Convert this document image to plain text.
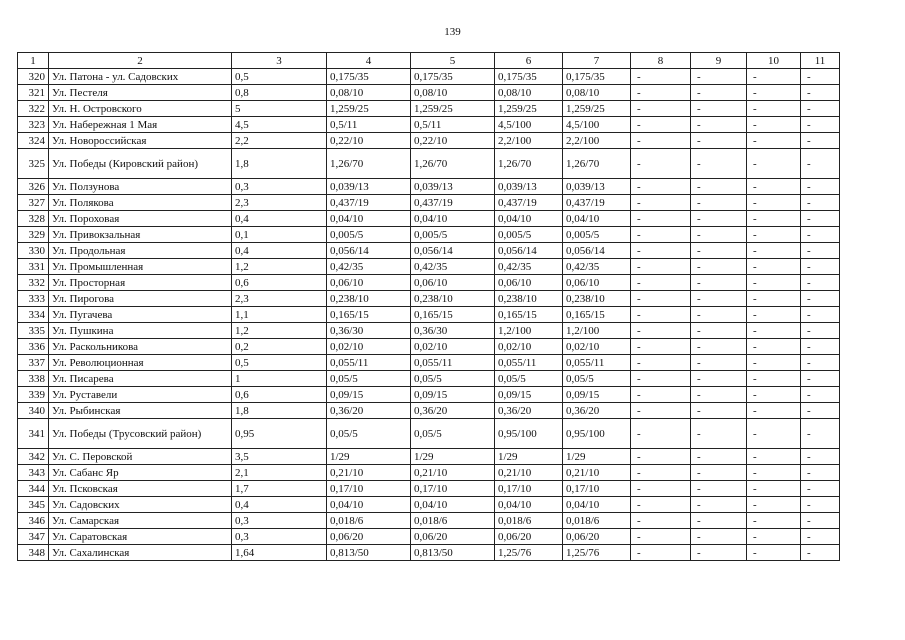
139
1	2	3	4	5	6	7	8	9	10	11
320	Ул. Патона - ул. Садовских	0,5	0,175/35	0,175/35	0,175/35	0,175/35	-	-	-	-
321	Ул. Пестеля	0,8	0,08/10	0,08/10	0,08/10	0,08/10	-	-	-	-
322	Ул. Н. Островского	5	1,259/25	1,259/25	1,259/25	1,259/25	-	-	-	-
323	Ул. Набережная 1 Мая	4,5	0,5/11	0,5/11	4,5/100	4,5/100	-	-	-	-
324	Ул. Новороссийская	2,2	0,22/10	0,22/10	2,2/100	2,2/100	-	-	-	-
325	Ул. Победы (Кировский район)	1,8	1,26/70	1,26/70	1,26/70	1,26/70	-	-	-	-
326	Ул. Ползунова	0,3	0,039/13	0,039/13	0,039/13	0,039/13	-	-	-	-
327	Ул. Полякова	2,3	0,437/19	0,437/19	0,437/19	0,437/19	-	-	-	-
328	Ул. Пороховая	0,4	0,04/10	0,04/10	0,04/10	0,04/10	-	-	-	-
329	Ул. Привокзальная	0,1	0,005/5	0,005/5	0,005/5	0,005/5	-	-	-	-
330	Ул. Продольная	0,4	0,056/14	0,056/14	0,056/14	0,056/14	-	-	-	-
331	Ул. Промышленная	1,2	0,42/35	0,42/35	0,42/35	0,42/35	-	-	-	-
332	Ул. Просторная	0,6	0,06/10	0,06/10	0,06/10	0,06/10	-	-	-	-
333	Ул. Пирогова	2,3	0,238/10	0,238/10	0,238/10	0,238/10	-	-	-	-
334	Ул. Пугачева	1,1	0,165/15	0,165/15	0,165/15	0,165/15	-	-	-	-
335	Ул. Пушкина	1,2	0,36/30	0,36/30	1,2/100	1,2/100	-	-	-	-
336	Ул. Раскольникова	0,2	0,02/10	0,02/10	0,02/10	0,02/10	-	-	-	-
337	Ул. Революционная	0,5	0,055/11	0,055/11	0,055/11	0,055/11	-	-	-	-
338	Ул. Писарева	1	0,05/5	0,05/5	0,05/5	0,05/5	-	-	-	-
339	Ул. Руставели	0,6	0,09/15	0,09/15	0,09/15	0,09/15	-	-	-	-
340	Ул. Рыбинская	1,8	0,36/20	0,36/20	0,36/20	0,36/20	-	-	-	-
341	Ул. Победы (Трусовский район)	0,95	0,05/5	0,05/5	0,95/100	0,95/100	-	-	-	-
342	Ул. С. Перовской	3,5	1/29	1/29	1/29	1/29	-	-	-	-
343	Ул. Сабанс Яр	2,1	0,21/10	0,21/10	0,21/10	0,21/10	-	-	-	-
344	Ул. Псковская	1,7	0,17/10	0,17/10	0,17/10	0,17/10	-	-	-	-
345	Ул. Садовских	0,4	0,04/10	0,04/10	0,04/10	0,04/10	-	-	-	-
346	Ул. Самарская	0,3	0,018/6	0,018/6	0,018/6	0,018/6	-	-	-	-
347	Ул. Саратовская	0,3	0,06/20	0,06/20	0,06/20	0,06/20	-	-	-	-
348	Ул. Сахалинская	1,64	0,813/50	0,813/50	1,25/76	1,25/76	-	-	-	-
